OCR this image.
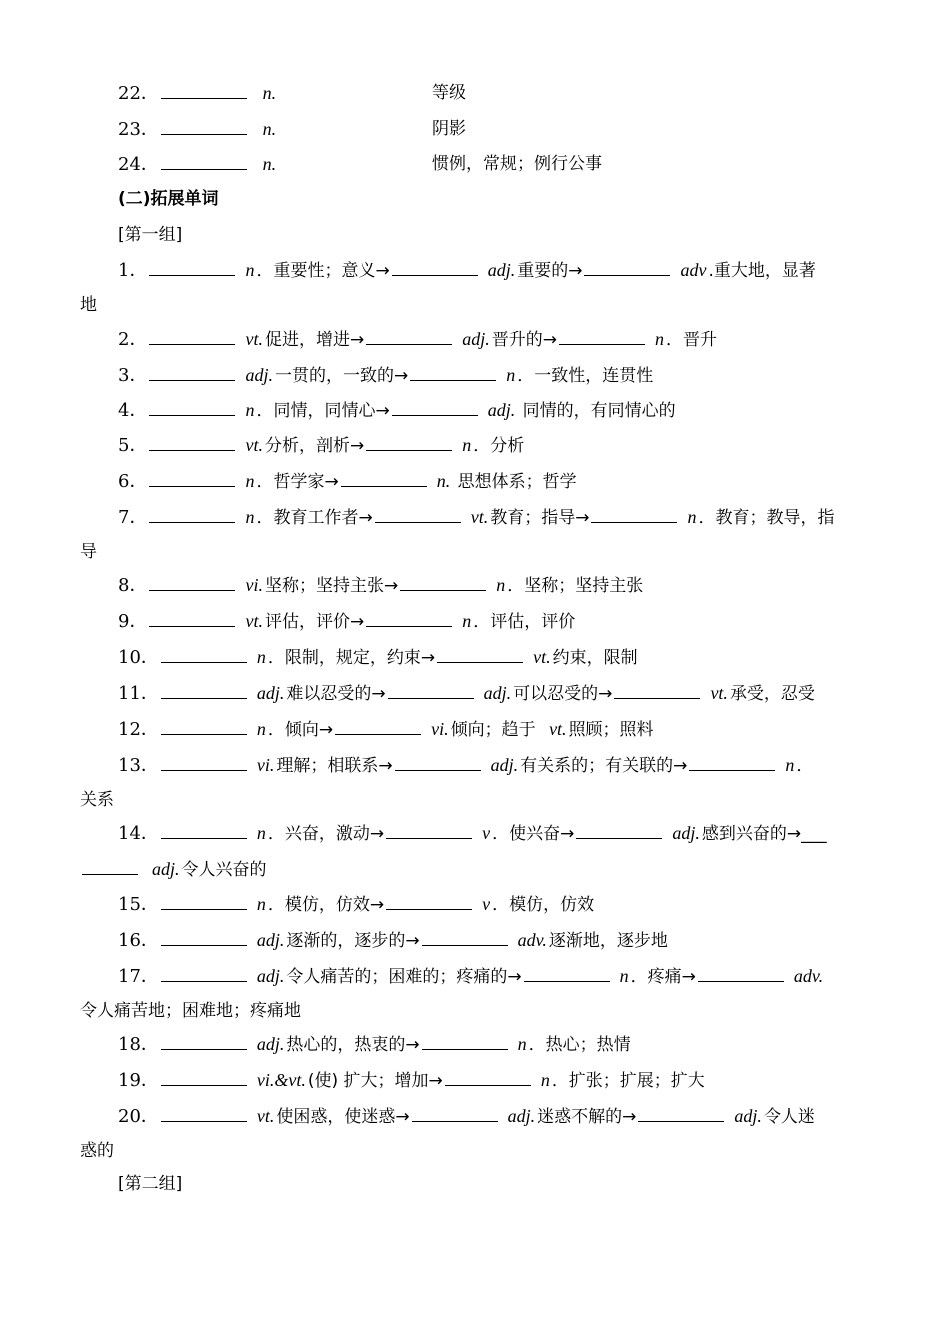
22．	n.	等级
23．	n.	阴影
24．	n.	惯例，常规；例行公事
(二)拓展单词
[第一组]
1．	n ．重要性；意义→	adj. 重要的→	adv .重大地，显著
地
2．	vt. 促进，增进→	adj. 晋升的→	n ．晋升
3．	adj. 一贯的，一致的→	n ．一致性，连贯性
4．	n ．同情，同情心→	adj. 同情的，有同情心的
5．	vt. 分析，剖析→	n ．分析
6．	n ．哲学家→	n. 思想体系；哲学
7．	n ．教育工作者→	vt. 教育；指导→	n ．教育；教导，指
导
8．	vi. 坚称；坚持主张→	n ．坚称；坚持主张
9．	vt. 评估，评价→	n ．评估，评价
10．	n ．限制，规定，约束→	vt. 约束，限制
11．	adj. 难以忍受的→	adj. 可以忍受的→	vt. 承受，忍受
12．	n ．倾向→	vi. 倾向；趋于 vt. 照顾；照料
13．	vi. 理解；相联系→	adj. 有关系的；有关联的→	n ．
关系
14．	n ．兴奋，激动→	v ．使兴奋→	adj. 感到兴奋的→___
adj. 令人兴奋的
15．	n ．模仿，仿效→	v ．模仿，仿效
16．	adj. 逐渐的，逐步的→	adv. 逐渐地，逐步地
17．	adj. 令人痛苦的；困难的；疼痛的→	n ．疼痛→	adv.
令人痛苦地；困难地；疼痛地
18．	adj. 热心的，热衷的→	n ．热心；热情
19．	vi.&vt. (使) 扩大；增加→	n ．扩张；扩展；扩大
20．	vt. 使困惑，使迷惑→	adj. 迷惑不解的→	adj. 令人迷
惑的
[第二组]
